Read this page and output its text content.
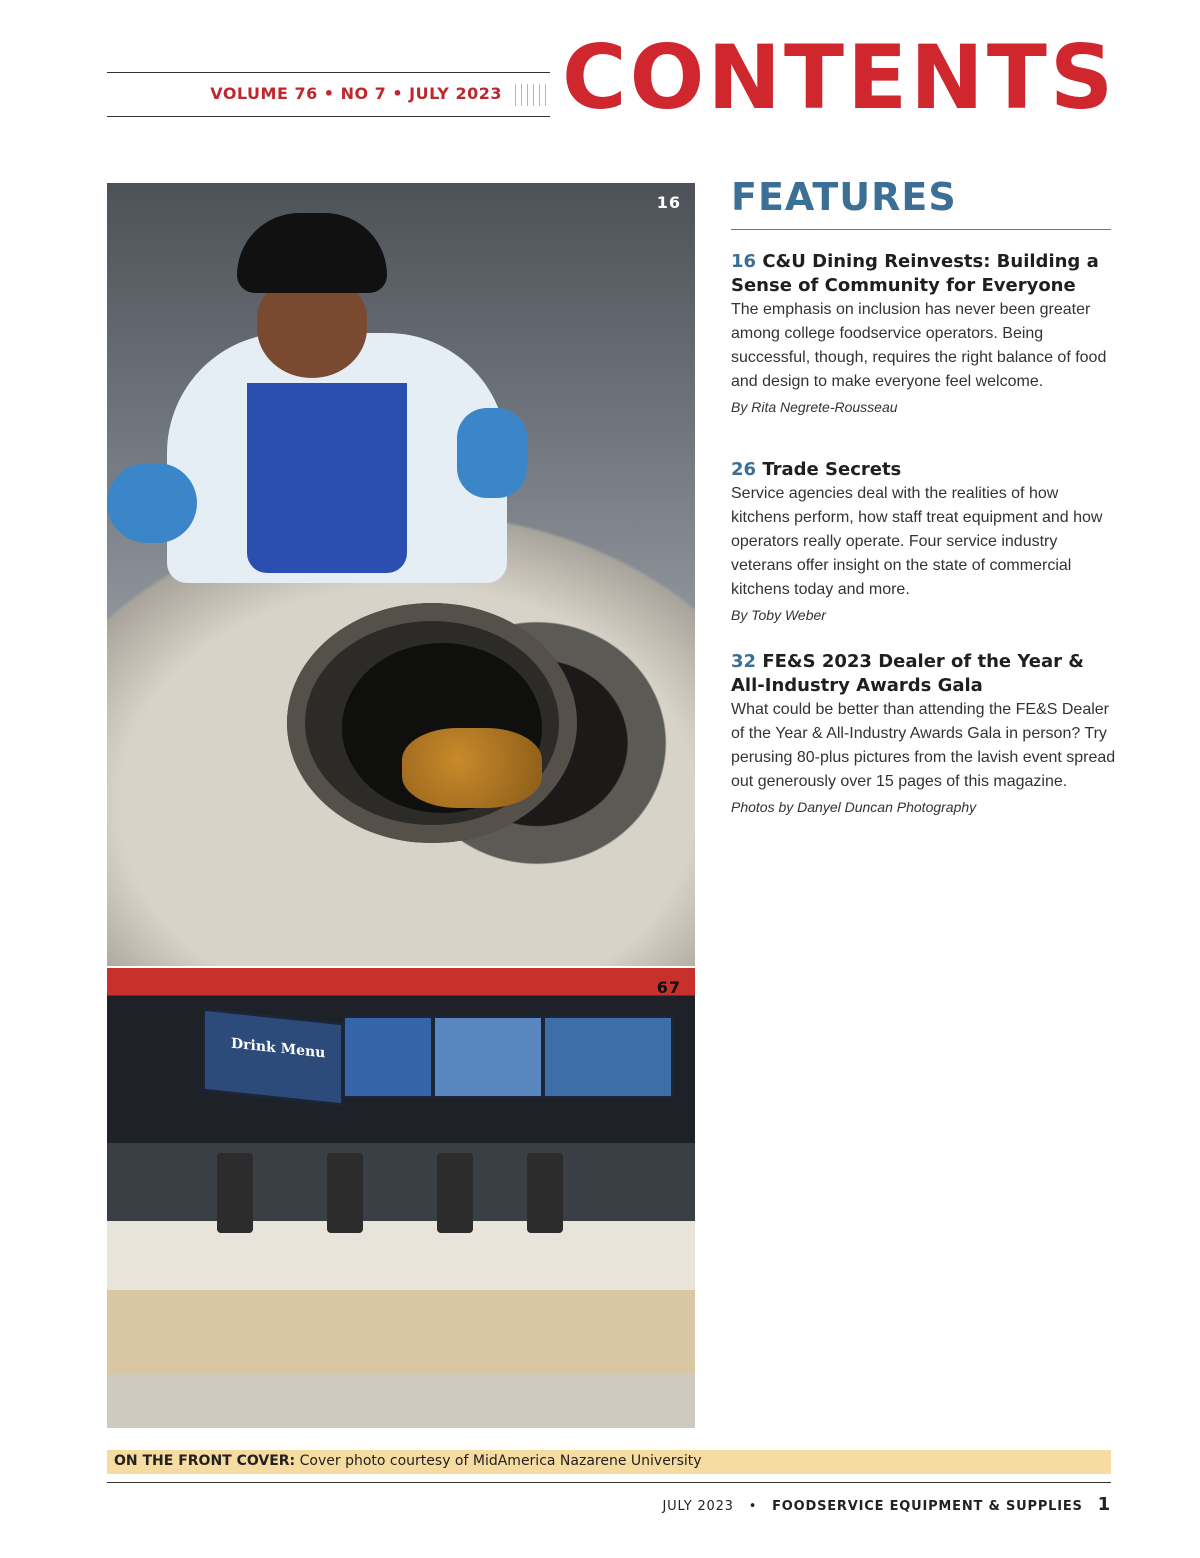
VOLUME 76 • NO 7 • JULY 2023 CONTENTS
16
Drink Menu
67
FEATURES
16 C&U Dining Reinvests: Building a Sense of Community for Everyone
The emphasis on inclusion has never been greater among college foodservice operators. Being successful, though, requires the right balance of food and design to make everyone feel welcome.
By Rita Negrete-Rousseau
26 Trade Secrets
Service agencies deal with the realities of how kitchens perform, how staff treat equipment and how operators really operate. Four service industry veterans offer insight on the state of commercial kitchens today and more.
By Toby Weber
32 FE&S 2023 Dealer of the Year & All-Industry Awards Gala
What could be better than attending the FE&S Dealer of the Year & All-Industry Awards Gala in person? Try perusing 80-plus pictures from the lavish event spread out generously over 15 pages of this magazine.
Photos by Danyel Duncan Photography
ON THE FRONT COVER: Cover photo courtesy of MidAmerica Nazarene University
JULY 2023 • FOODSERVICE EQUIPMENT & SUPPLIES 1
